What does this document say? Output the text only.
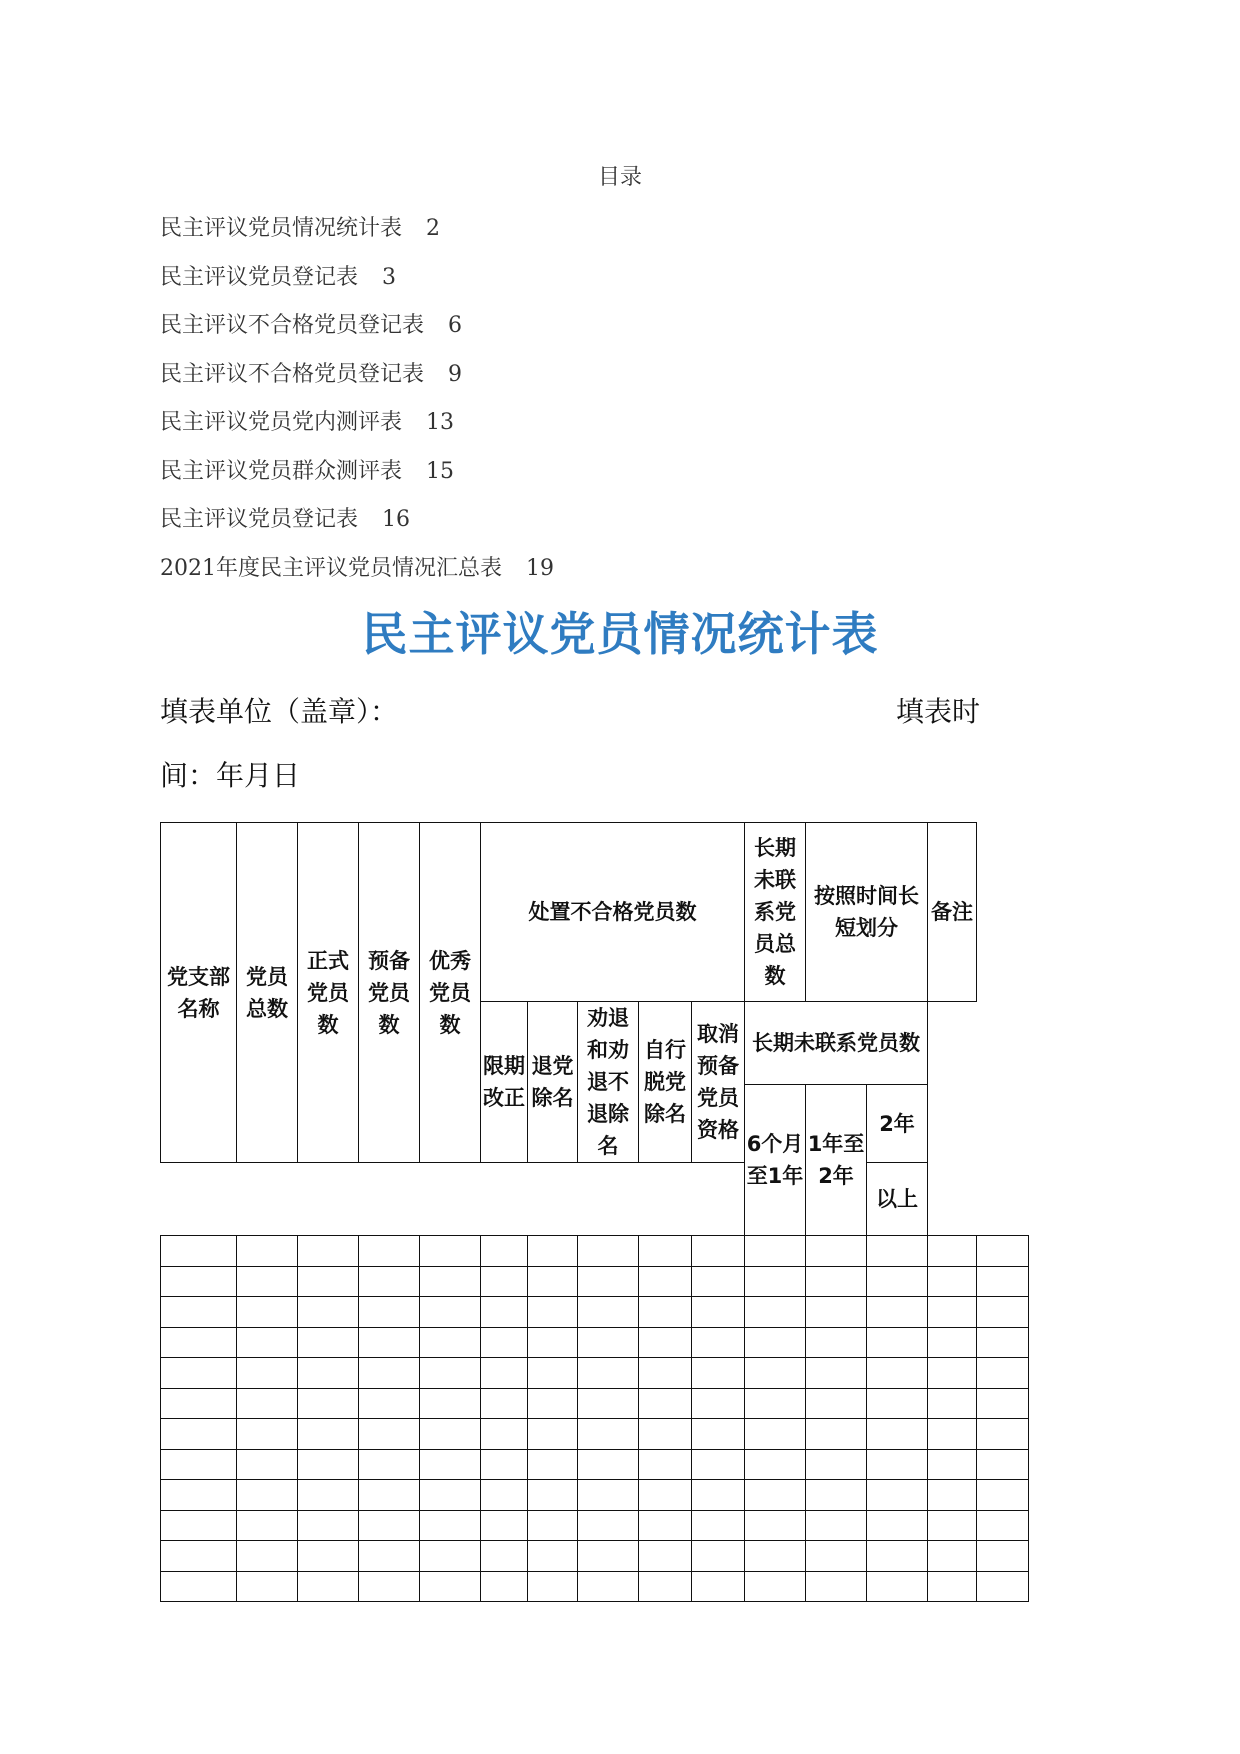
目录
民主评议党员情况统计表 2
民主评议党员登记表 3
民主评议不合格党员登记表 6
民主评议不合格党员登记表 9
民主评议党员党内测评表 13
民主评议党员群众测评表 15
民主评议党员登记表 16
2021年度民主评议党员情况汇总表 19
民主评议党员情况统计表
填表单位（盖章）：	填表时
间：年月日
党支部名称	党员总数	正式党员数	预备党员数	优秀党员数	处置不合格党员数					长期未联系党员总数	按照时间长短划分		备注	
					限期改正	退党除名	劝退和劝退不退除名	自行脱党除名	取消预备党员资格	长期未联系党员数				
										6个月至1年	1年至2年	2年		
												以上		
